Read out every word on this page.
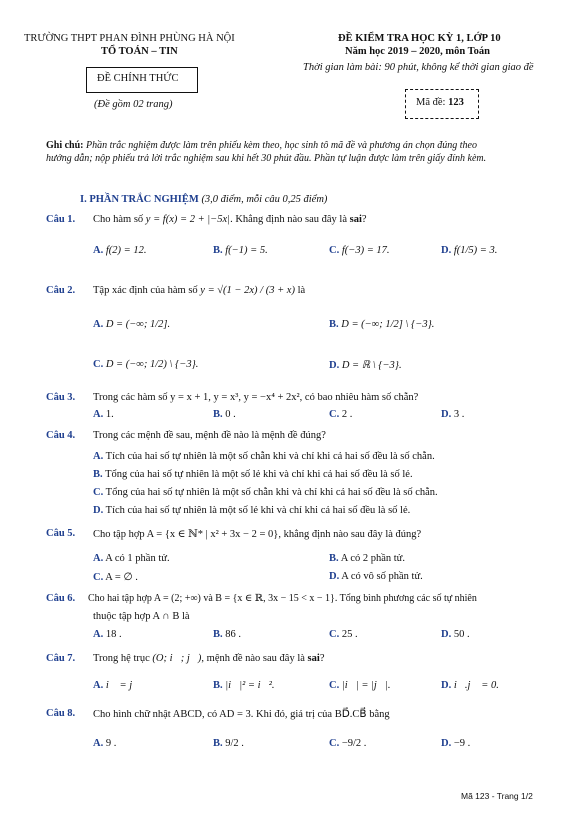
TRƯỜNG THPT PHAN ĐÌNH PHÙNG HÀ NỘI
TỔ TOÁN – TIN
ĐỀ CHÍNH THỨC
(Đề gồm 02 trang)
ĐỀ KIỂM TRA HỌC KỲ 1, LỚP 10
Năm học 2019 – 2020, môn Toán
Thời gian làm bài: 90 phút, không kể thời gian giao đề
Mã đề: 123
Ghi chú: Phần trắc nghiệm được làm trên phiếu kèm theo, học sinh tô mã đề và phương án chọn đúng theo
hướng dẫn; nộp phiếu trả lời trắc nghiệm sau khi hết 30 phút đầu. Phần tự luận được làm trên giấy đính kèm.
I. PHẦN TRẮC NGHIỆM (3,0 điểm, mỗi câu 0,25 điểm)
Câu 1. Cho hàm số y = f(x) = 2 + |−5x|. Khẳng định nào sau đây là sai?
A. f(2) = 12.	B. f(−1) = 5.	C. f(−3) = 17.	D. f(1/5) = 3.
Câu 2. Tập xác định của hàm số y = √(1 − 2x) / (3 + x) là
A. D = (−∞; 1/2].	B. D = (−∞; 1/2] \ {−3}.
C. D = (−∞; 1/2) \ {−3}.	D. D = ℝ \ {−3}.
Câu 3. Trong các hàm số y = x + 1, y = x³, y = −x⁴ + 2x², có bao nhiêu hàm số chẵn?
A. 1.	B. 0 .	C. 2 .	D. 3 .
Câu 4. Trong các mệnh đề sau, mệnh đề nào là mệnh đề đúng?
A. Tích của hai số tự nhiên là một số chẵn khi và chỉ khi cả hai số đều là số chẵn.
B. Tổng của hai số tự nhiên là một số lẻ khi và chỉ khi cả hai số đều là số lẻ.
C. Tổng của hai số tự nhiên là một số chẵn khi và chỉ khi cả hai số đều là số chẵn.
D. Tích của hai số tự nhiên là một số lẻ khi và chỉ khi cả hai số đều là số lẻ.
Câu 5. Cho tập hợp A = {x ∈ ℕ* | x² + 3x − 2 = 0}, khẳng định nào sau đây là đúng?
A. A có 1 phần tử.	B. A có 2 phần tử.
C. A = ∅ .	D. A có vô số phần tử.
Câu 6. Cho hai tập hợp A = (2; +∞) và B = {x ∈ ℝ, 3x − 15 < x − 1}. Tổng bình phương các số tự nhiên
thuộc tập hợp A ∩ B là
A. 18 .	B. 86 .	C. 25 .	D. 50 .
Câu 7. Trong hệ trục (O; i⃗; j⃗), mệnh đề nào sau đây là sai?
A. i⃗ = j⃗	B. |i⃗|² = i⃗².	C. |i⃗| = |j⃗|.	D. i⃗.j⃗ = 0.
Câu 8. Cho hình chữ nhật ABCD, có AD = 3. Khi đó, giá trị của BD⃗.CB⃗ bằng
A. 9 .	B. 9/2 .	C. −9/2 .	D. −9 .
Mã 123 - Trang 1/2
